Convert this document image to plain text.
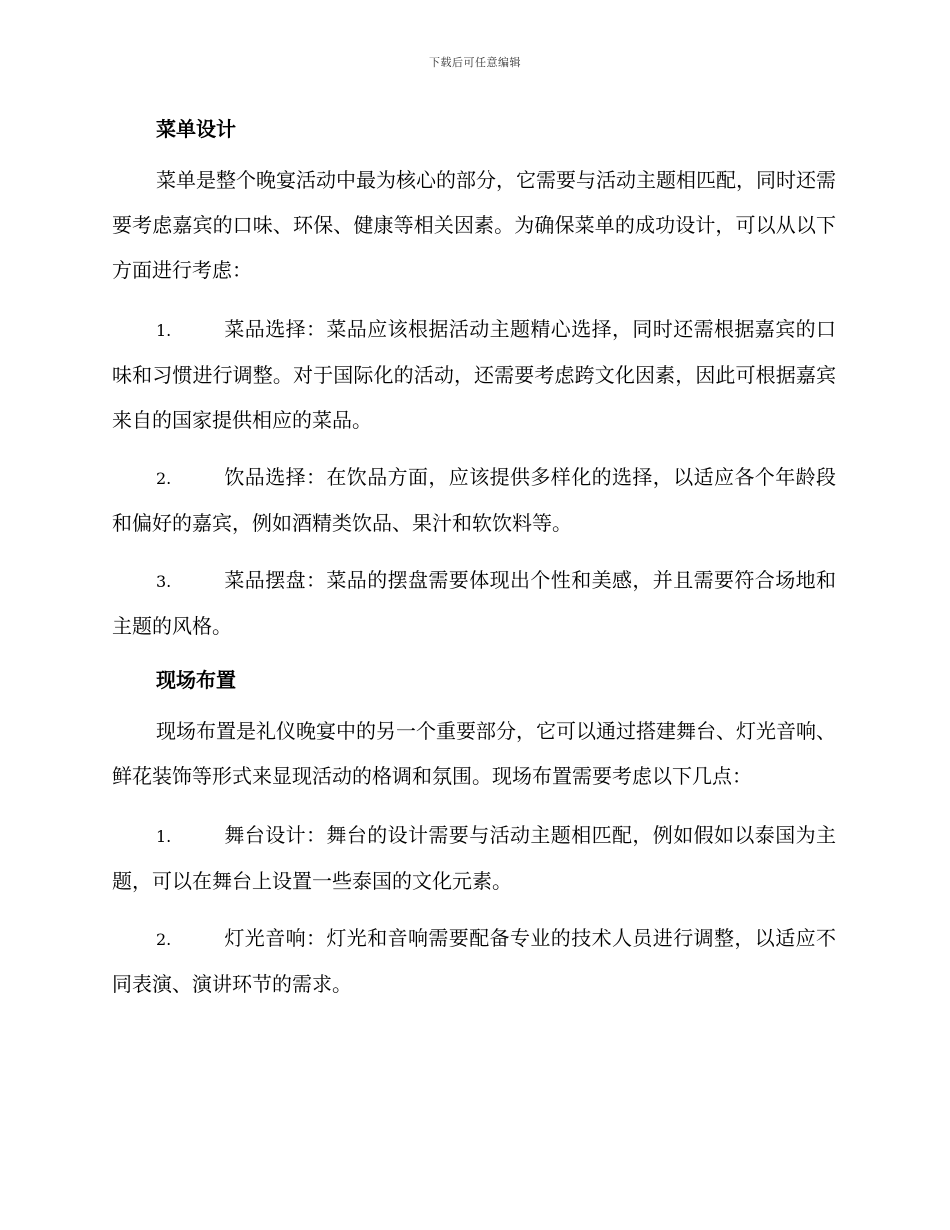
下载后可任意编辑
菜单设计

菜单是整个晚宴活动中最为核心的部分，它需要与活动主题相匹配，同时还需要考虑嘉宾的口味、环保、健康等相关因素。为确保菜单的成功设计，可以从以下方面进行考虑：

1.	菜品选择：菜品应该根据活动主题精心选择，同时还需根据嘉宾的口味和习惯进行调整。对于国际化的活动，还需要考虑跨文化因素，因此可根据嘉宾来自的国家提供相应的菜品。

2.	饮品选择：在饮品方面，应该提供多样化的选择，以适应各个年龄段和偏好的嘉宾，例如酒精类饮品、果汁和软饮料等。

3.	菜品摆盘：菜品的摆盘需要体现出个性和美感，并且需要符合场地和主题的风格。

现场布置

现场布置是礼仪晚宴中的另一个重要部分，它可以通过搭建舞台、灯光音响、鲜花装饰等形式来显现活动的格调和氛围。现场布置需要考虑以下几点：

1.	舞台设计：舞台的设计需要与活动主题相匹配，例如假如以泰国为主题，可以在舞台上设置一些泰国的文化元素。

2.	灯光音响：灯光和音响需要配备专业的技术人员进行调整，以适应不同表演、演讲环节的需求。
